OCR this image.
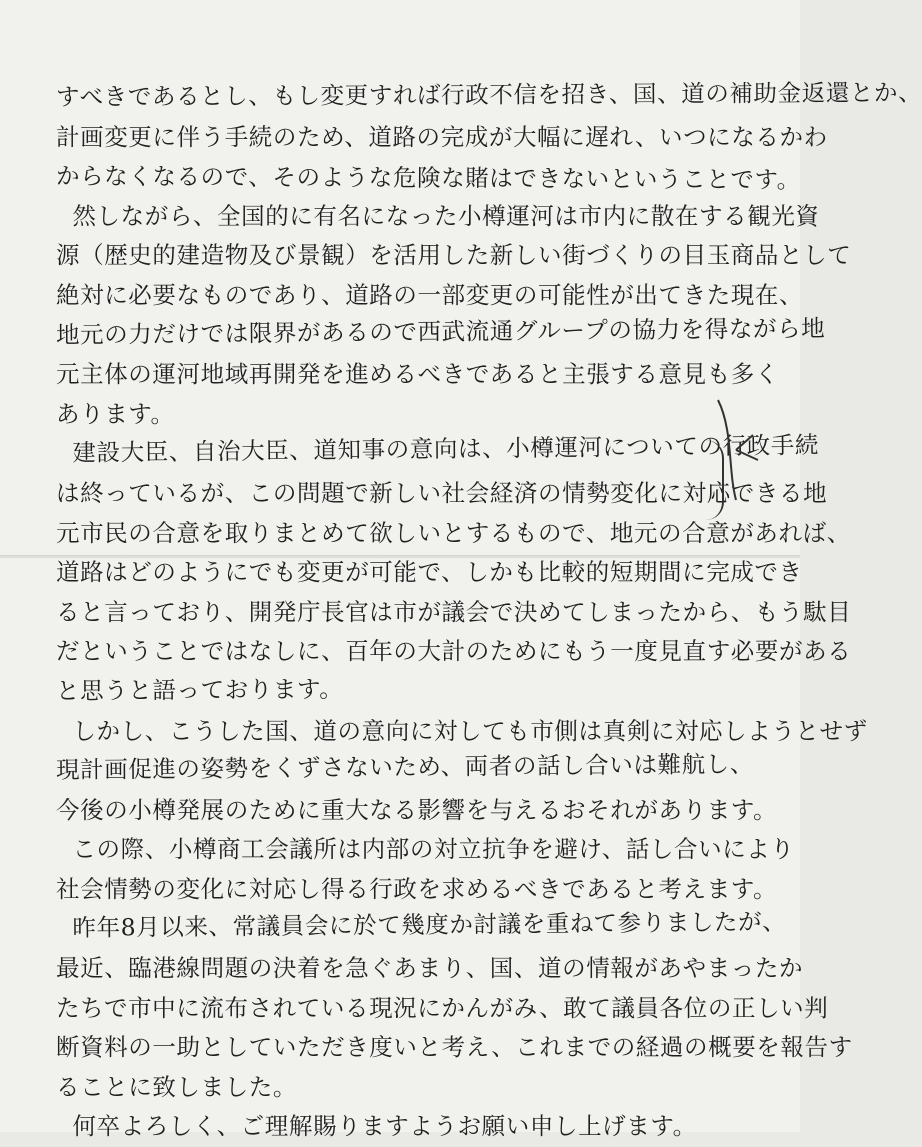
すべきであるとし、もし変更すれば行政不信を招き、国、道の補助金返還とか、
計画変更に伴う手続のため、道路の完成が大幅に遅れ、いつになるかわ
からなくなるので、そのような危険な賭はできないということです。
然しながら、全国的に有名になった小樽運河は市内に散在する観光資
源（歴史的建造物及び景観）を活用した新しい街づくりの目玉商品として
絶対に必要なものであり、道路の一部変更の可能性が出てきた現在、
地元の力だけでは限界があるので西武流通グループの協力を得ながら地
元主体の運河地域再開発を進めるべきであると主張する意見も多く
あります。
建設大臣、自治大臣、道知事の意向は、小樽運河についての行政手続
は終っているが、この問題で新しい社会経済の情勢変化に対応できる地
元市民の合意を取りまとめて欲しいとするもので、地元の合意があれば、
道路はどのようにでも変更が可能で、しかも比較的短期間に完成でき
ると言っており、開発庁長官は市が議会で決めてしまったから、もう駄目
だということではなしに、百年の大計のためにもう一度見直す必要がある
と思うと語っております。
しかし、こうした国、道の意向に対しても市側は真剣に対応しようとせず
現計画促進の姿勢をくずさないため、両者の話し合いは難航し、
今後の小樽発展のために重大なる影響を与えるおそれがあります。
この際、小樽商工会議所は内部の対立抗争を避け、話し合いにより
社会情勢の変化に対応し得る行政を求めるべきであると考えます。
昨年8月以来、常議員会に於て幾度か討議を重ねて参りましたが、
最近、臨港線問題の決着を急ぐあまり、国、道の情報があやまったか
たちで市中に流布されている現況にかんがみ、敢て議員各位の正しい判
断資料の一助としていただき度いと考え、これまでの経過の概要を報告す
ることに致しました。
何卒よろしく、ご理解賜りますようお願い申し上げます。
